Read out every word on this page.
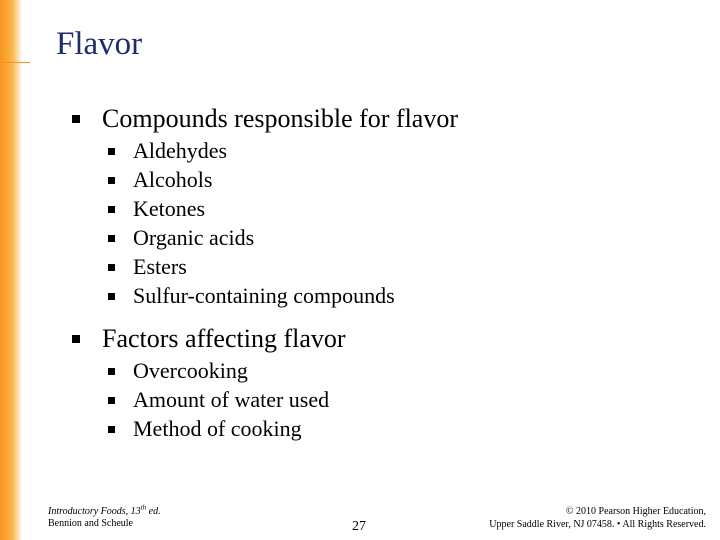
Flavor
Compounds responsible for flavor
Aldehydes
Alcohols
Ketones
Organic acids
Esters
Sulfur-containing compounds
Factors affecting flavor
Overcooking
Amount of water used
Method of cooking
Introductory Foods, 13th ed.
Bennion and Scheule	27
© 2010 Pearson Higher Education,
Upper Saddle River, NJ 07458. • All Rights Reserved.
